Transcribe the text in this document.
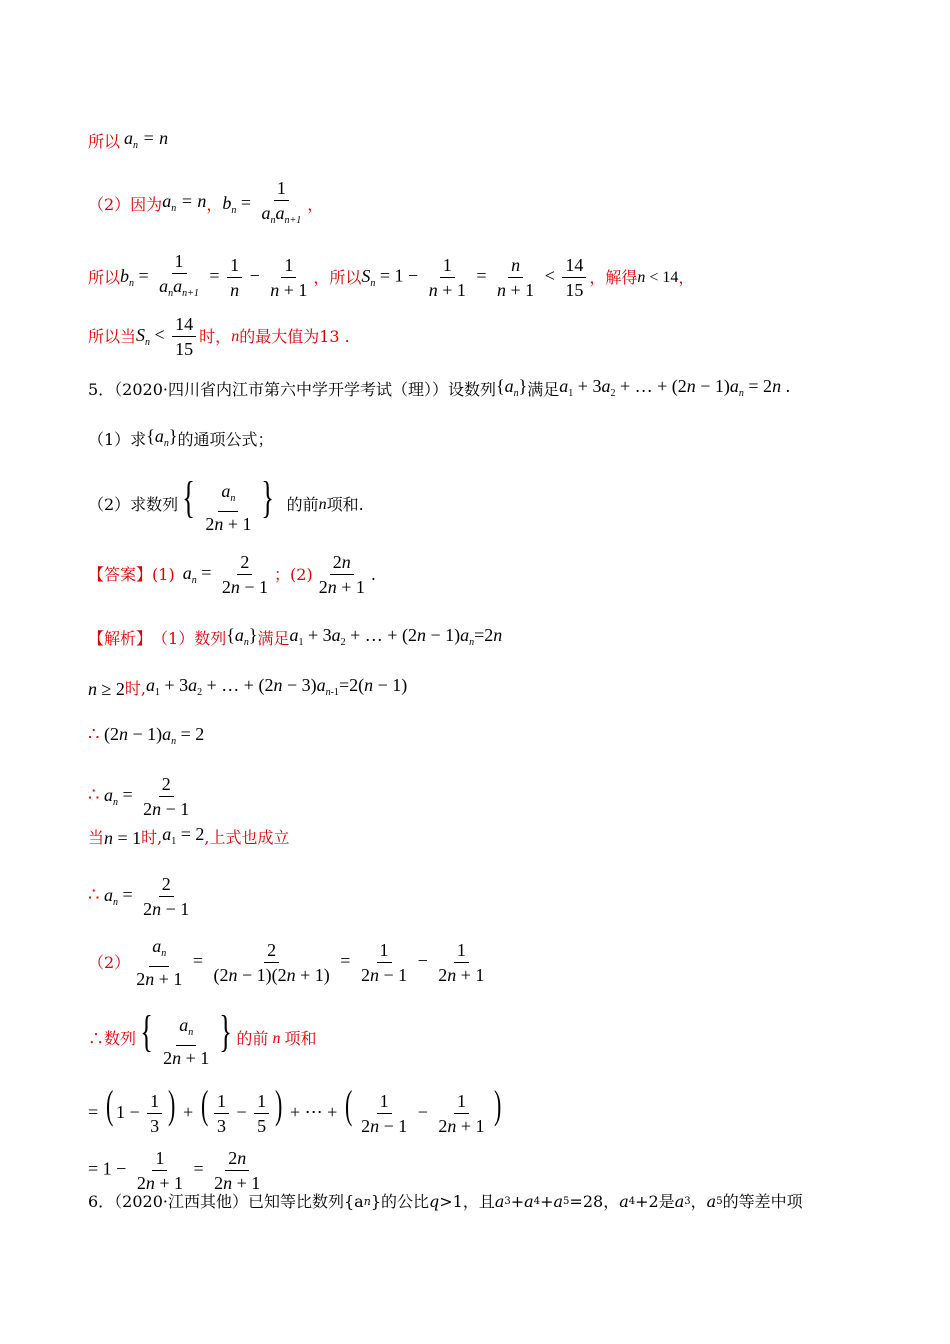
所以 $a_n = n$
（2）因为 $a_n = n$ ， $b_n = \frac{1}{a_na_{n+1}}$ ，
所以 $b_n = \frac{1}{a_na_{n+1}} = \frac{1}{n} - \frac{1}{n + 1}$ ，所以 $S_n = 1 - \frac{1}{n + 1} = \frac{n}{n + 1} < \frac{14}{15}$ ，解得 n < 14 ，
所以当 $S_n < \frac{14}{15}$ 时， n 的最大值为13 .
5．（2020·四川省内江市第六中学开学考试（理））设数列 $\{a_n\}$ 满足 $a_1 + 3a_2$ + … + $(2n - 1)a_n = 2n$ .
（1）求 $\{a_n\}$ 的通项公式；
（2）求数列 { $\frac{a_n}{2n + 1}$ } 的前 n 项和.
【答案】 (1) $a_n = \frac{2}{2n - 1}$ ； $(2) \frac{2n}{2n + 1}$ .
【解析】 （1）数列 $\{a_n\}$ 满足 $a_1 + 3a_2$ + … + $(2n - 1)a_n=2n$
n ≥ 2 时, $a_1 + 3a_2$ + … + $(2n - 3)a_{n-1}=2(n - 1)$
∴ $(2n - 1)a_n = 2$
∴ $a_n = \frac{2}{2n - 1}$
当 n = 1 时, $a_1 = 2$ ,上式也成立
∴ $a_n = \frac{2}{2n - 1}$
$(2) \frac{a_n}{2n + 1} = \frac{2}{(2n - 1)(2n + 1)} = \frac{1}{2n - 1} - \frac{1}{2n + 1}$
∴数列 { $\frac{a_n}{2n + 1}$ } 的前 n 项和
= ( $1 - \frac{1}{3}$ ) + ( $\frac{1}{3} - \frac{1}{5}$ ) + ⋯ + ( $\frac{1}{2n - 1} - \frac{1}{2n + 1}$ )
= $1 - \frac{1}{2n + 1} = \frac{2n}{2n + 1}$
6．（2020·江西其他）已知等比数列{a n }的公比 q >1，且 a 3 + a 4 + a 5 =28， a 4 +2 是 a 3 ， a 5 的等差中项
